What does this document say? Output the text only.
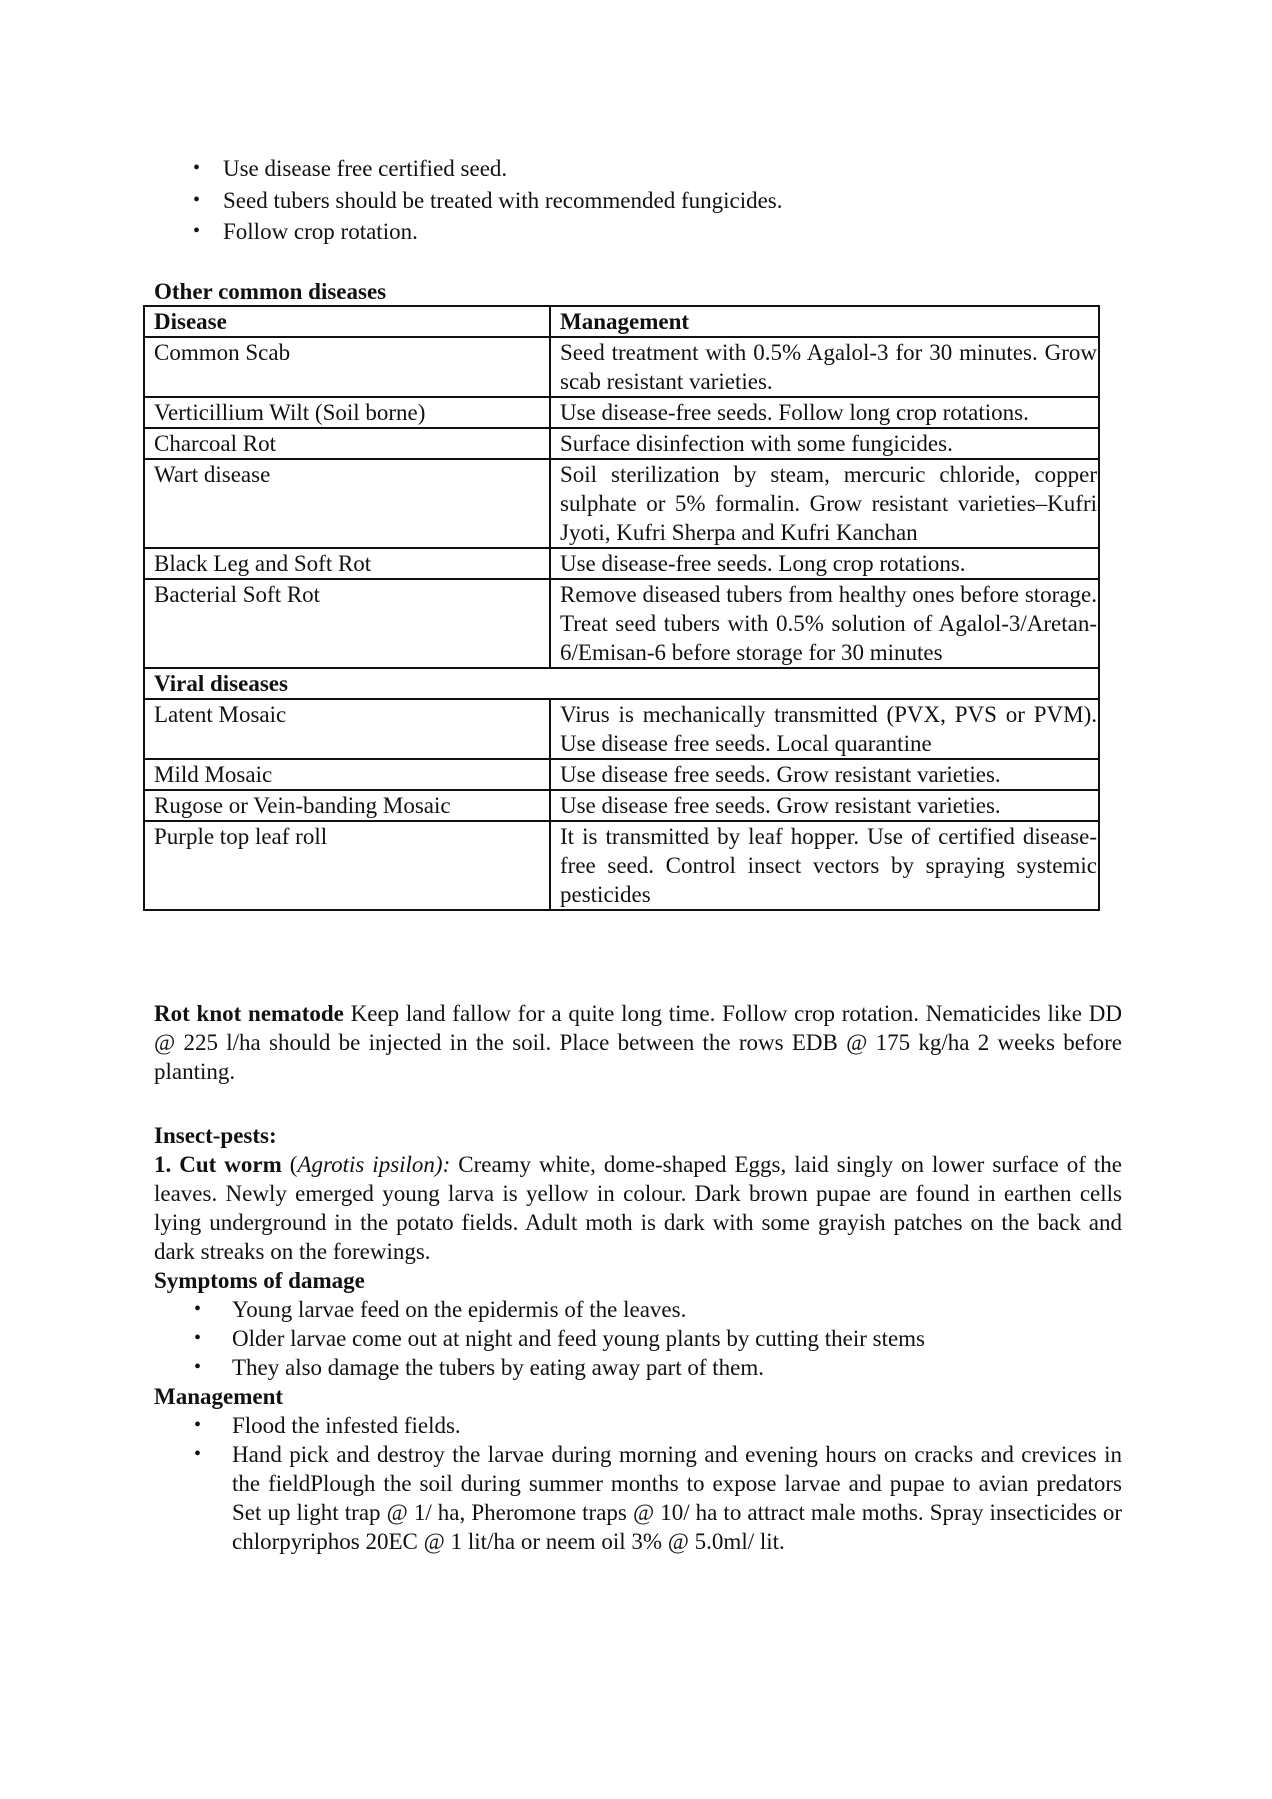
• Use disease free certified seed.
• Seed tubers should be treated with recommended fungicides.
• Follow crop rotation.
Other common diseases
Disease	Management
Common Scab	Seed treatment with 0.5% Agalol-3 for 30 minutes. Grow scab resistant varieties.
Verticillium Wilt (Soil borne)	Use disease-free seeds. Follow long crop rotations.
Charcoal Rot	Surface disinfection with some fungicides.
Wart disease	Soil sterilization by steam, mercuric chloride, copper sulphate or 5% formalin. Grow resistant varieties–Kufri Jyoti, Kufri Sherpa and Kufri Kanchan
Black Leg and Soft Rot	Use disease-free seeds. Long crop rotations.
Bacterial Soft Rot	Remove diseased tubers from healthy ones before storage. Treat seed tubers with 0.5% solution of Agalol-3/Aretan-6/Emisan-6 before storage for 30 minutes
Viral diseases	
Latent Mosaic	Virus is mechanically transmitted (PVX, PVS or PVM). Use disease free seeds. Local quarantine
Mild Mosaic	Use disease free seeds. Grow resistant varieties.
Rugose or Vein-banding Mosaic	Use disease free seeds. Grow resistant varieties.
Purple top leaf roll	It is transmitted by leaf hopper. Use of certified disease-free seed. Control insect vectors by spraying systemic pesticides

Rot knot nematode Keep land fallow for a quite long time. Follow crop rotation. Nematicides like DD @ 225 l/ha should be injected in the soil. Place between the rows EDB @ 175 kg/ha 2 weeks before planting.

Insect-pests:

1. Cut worm (Agrotis ipsilon): Creamy white, dome-shaped Eggs, laid singly on lower surface of the leaves. Newly emerged young larva is yellow in colour. Dark brown pupae are found in earthen cells lying underground in the potato fields. Adult moth is dark with some grayish patches on the back and dark streaks on the forewings.

Symptoms of damage
• Young larvae feed on the epidermis of the leaves.
• Older larvae come out at night and feed young plants by cutting their stems
• They also damage the tubers by eating away part of them.
Management
• Flood the infested fields.
• Hand pick and destroy the larvae during morning and evening hours on cracks and crevices in the fieldPlough the soil during summer months to expose larvae and pupae to avian predators Set up light trap @ 1/ ha, Pheromone traps @ 10/ ha to attract male moths. Spray insecticides or chlorpyriphos 20EC @ 1 lit/ha or neem oil 3% @ 5.0ml/ lit.
